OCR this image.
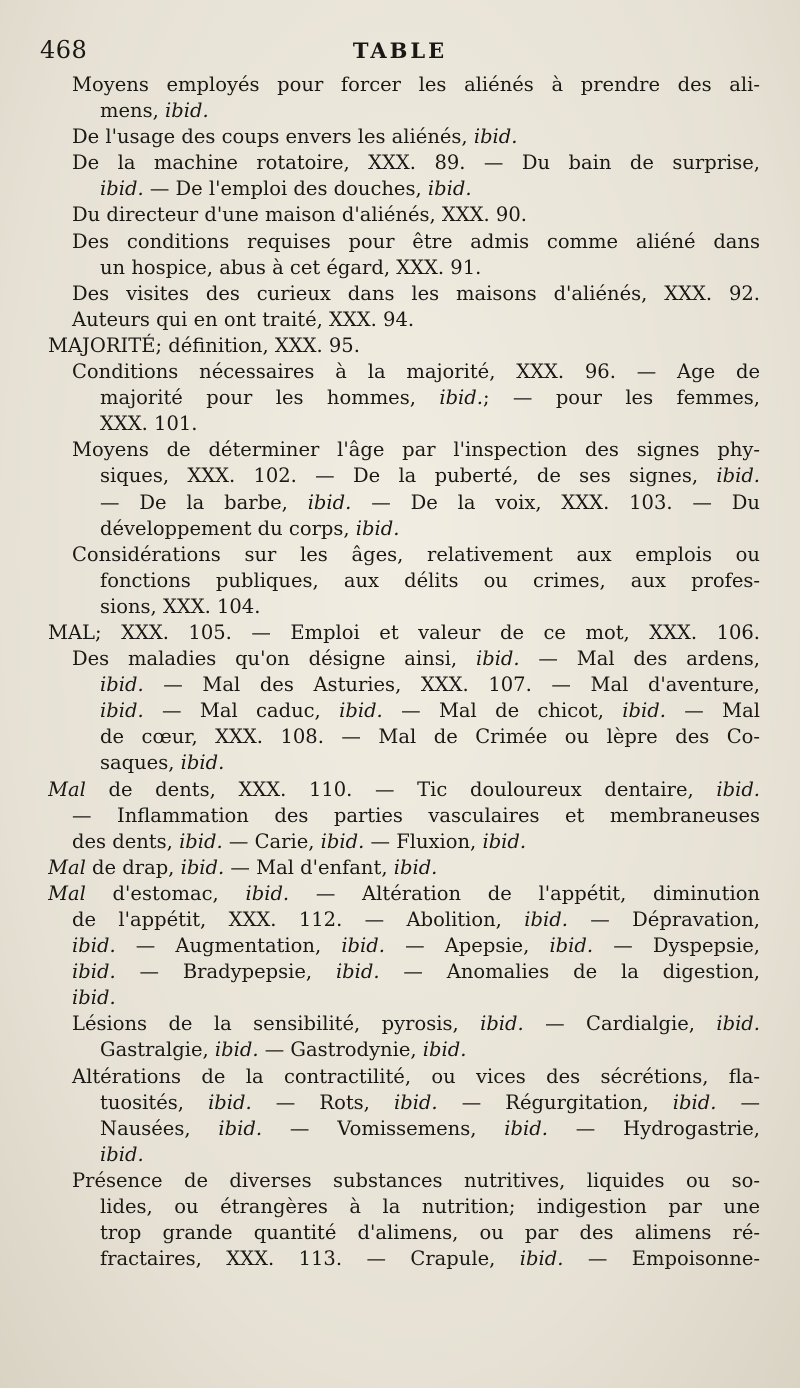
468	TABLE
Moyens employés pour forcer les aliénés à prendre des ali-
mens, ibid.
De l'usage des coups envers les aliénés, ibid.
De la machine rotatoire, XXX. 89. — Du bain de surprise,
ibid. — De l'emploi des douches, ibid.
Du directeur d'une maison d'aliénés, XXX. 90.
Des conditions requises pour être admis comme aliéné dans
un hospice, abus à cet égard, XXX. 91.
Des visites des curieux dans les maisons d'aliénés, XXX. 92.
Auteurs qui en ont traité, XXX. 94.
MAJORITÉ; définition, XXX. 95.
Conditions nécessaires à la majorité, XXX. 96. — Age de
majorité pour les hommes, ibid.; — pour les femmes,
XXX. 101.
Moyens de déterminer l'âge par l'inspection des signes phy-
siques, XXX. 102. — De la puberté, de ses signes, ibid.
— De la barbe, ibid. — De la voix, XXX. 103. — Du
développement du corps, ibid.
Considérations sur les âges, relativement aux emplois ou
fonctions publiques, aux délits ou crimes, aux profes-
sions, XXX. 104.
MAL; XXX. 105. — Emploi et valeur de ce mot, XXX. 106.
Des maladies qu'on désigne ainsi, ibid. — Mal des ardens,
ibid. — Mal des Asturies, XXX. 107. — Mal d'aventure,
ibid. — Mal caduc, ibid. — Mal de chicot, ibid. — Mal
de cœur, XXX. 108. — Mal de Crimée ou lèpre des Co-
saques, ibid.
Mal de dents, XXX. 110. — Tic douloureux dentaire, ibid.
— Inflammation des parties vasculaires et membraneuses
des dents, ibid. — Carie, ibid. — Fluxion, ibid.
Mal de drap, ibid. — Mal d'enfant, ibid.
Mal d'estomac, ibid. — Altération de l'appétit, diminution
de l'appétit, XXX. 112. — Abolition, ibid. — Dépravation,
ibid. — Augmentation, ibid. — Apepsie, ibid. — Dyspepsie,
ibid. — Bradypepsie, ibid. — Anomalies de la digestion,
ibid.
Lésions de la sensibilité, pyrosis, ibid. — Cardialgie, ibid.
Gastralgie, ibid. — Gastrodynie, ibid.
Altérations de la contractilité, ou vices des sécrétions, fla-
tuosités, ibid. — Rots, ibid. — Régurgitation, ibid. —
Nausées, ibid. — Vomissemens, ibid. — Hydrogastrie,
ibid.
Présence de diverses substances nutritives, liquides ou so-
lides, ou étrangères à la nutrition; indigestion par une
trop grande quantité d'alimens, ou par des alimens ré-
fractaires, XXX. 113. — Crapule, ibid. — Empoisonne-
